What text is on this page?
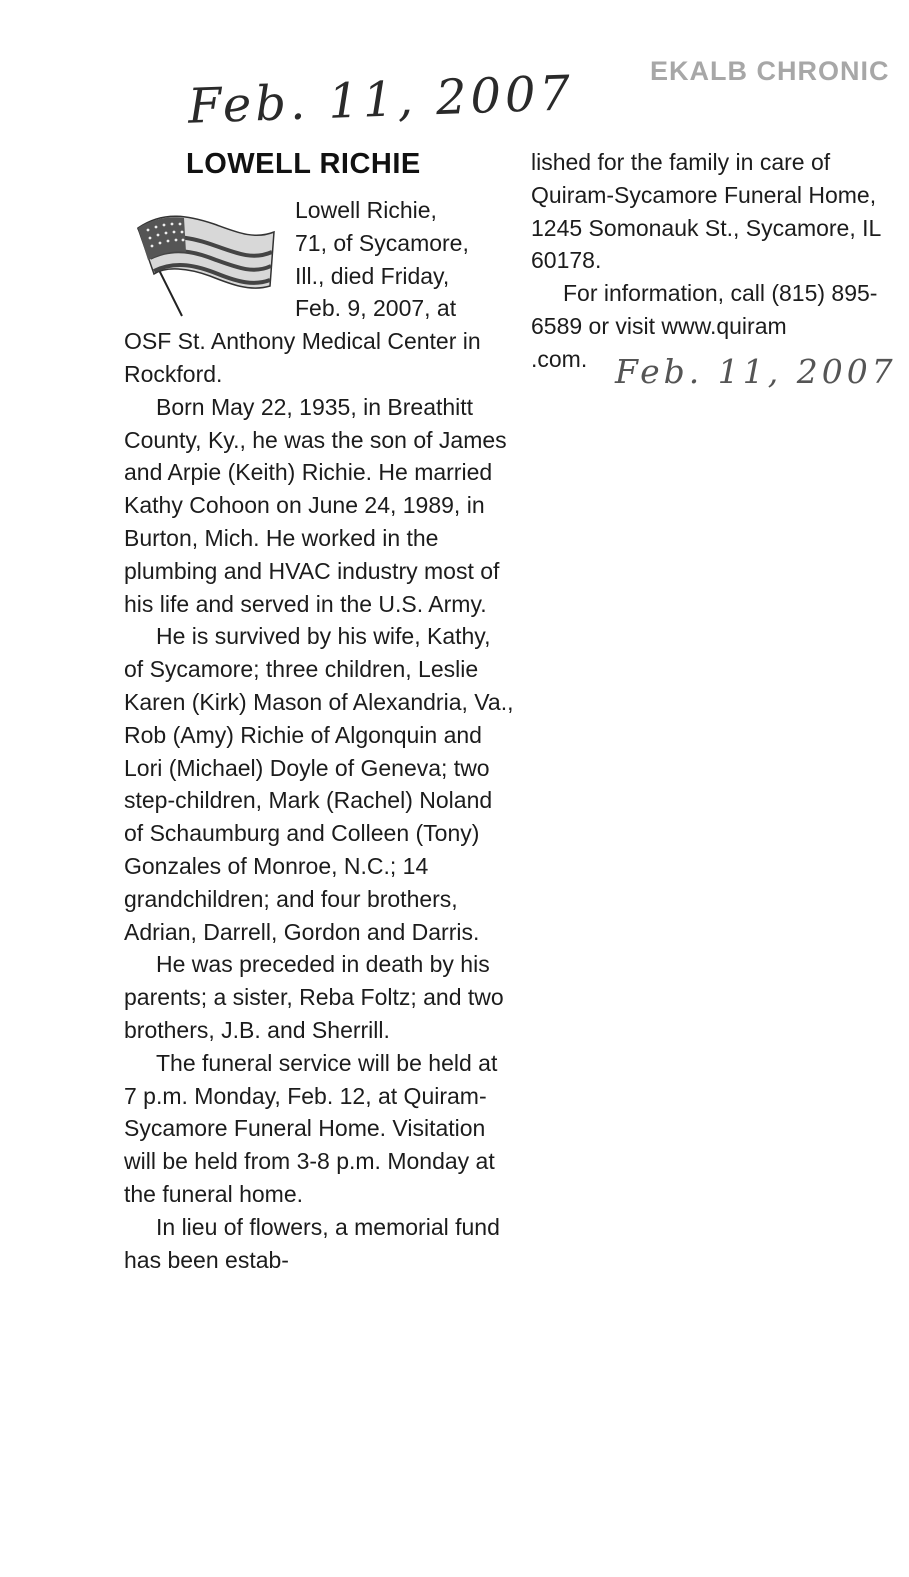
EKALB CHRONIC
Feb. 11, 2007
LOWELL RICHIE
Lowell Richie,
71, of Sycamore,
Ill., died Friday,
Feb. 9, 2007, at

OSF St. Anthony Medical Center in Rockford.

Born May 22, 1935, in Breathitt County, Ky., he was the son of James and Arpie (Keith) Richie. He married Kathy Cohoon on June 24, 1989, in Burton, Mich. He worked in the plumbing and HVAC industry most of his life and served in the U.S. Army.

He is survived by his wife, Kathy, of Sycamore; three children, Leslie Karen (Kirk) Mason of Alexandria, Va., Rob (Amy) Richie of Algonquin and Lori (Michael) Doyle of Geneva; two step-children, Mark (Rachel) Noland of Schaumburg and Colleen (Tony) Gonzales of Monroe, N.C.; 14 grandchildren; and four brothers, Adrian, Darrell, Gordon and Darris.

He was preceded in death by his parents; a sister, Reba Foltz; and two brothers, J.B. and Sherrill.

The funeral service will be held at 7 p.m. Monday, Feb. 12, at Quiram-Sycamore Funeral Home. Visitation will be held from 3-8 p.m. Monday at the funeral home.

In lieu of flowers, a memorial fund has been estab-

lished for the family in care of Quiram-Sycamore Funeral Home, 1245 Somonauk St., Sycamore, IL 60178.

For information, call (815) 895-6589 or visit www.quiram

.com. Feb. 11, 2007
